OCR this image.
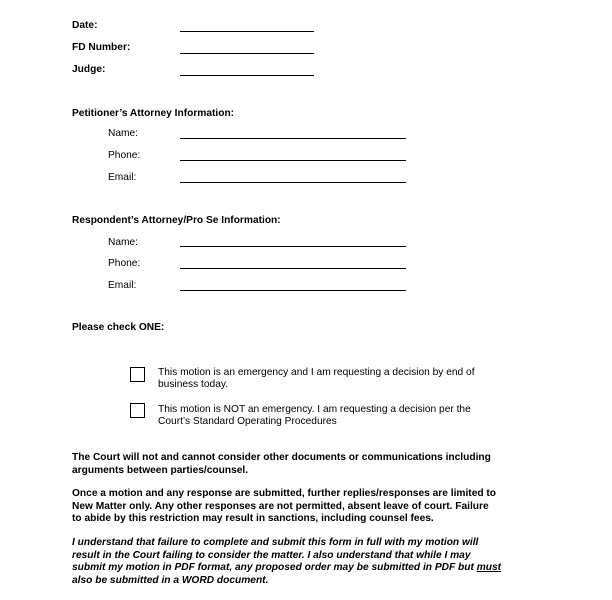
Date:
FD Number:
Judge:
Petitioner’s Attorney Information:
Name:
Phone:
Email:
Respondent’s Attorney/Pro Se Information:
Name:
Phone:
Email:
Please check ONE:
This motion is an emergency and I am requesting a decision by end of
business today.
This motion is NOT an emergency. I am requesting a decision per the
Court’s Standard Operating Procedures
The Court will not and cannot consider other documents or communications including
arguments between parties/counsel.
Once a motion and any response are submitted, further replies/responses are limited to
New Matter only. Any other responses are not permitted, absent leave of court. Failure
to abide by this restriction may result in sanctions, including counsel fees.
I understand that failure to complete and submit this form in full with my motion will
result in the Court failing to consider the matter. I also understand that while I may
submit my motion in PDF format, any proposed order may be submitted in PDF but must
also be submitted in a WORD document.
